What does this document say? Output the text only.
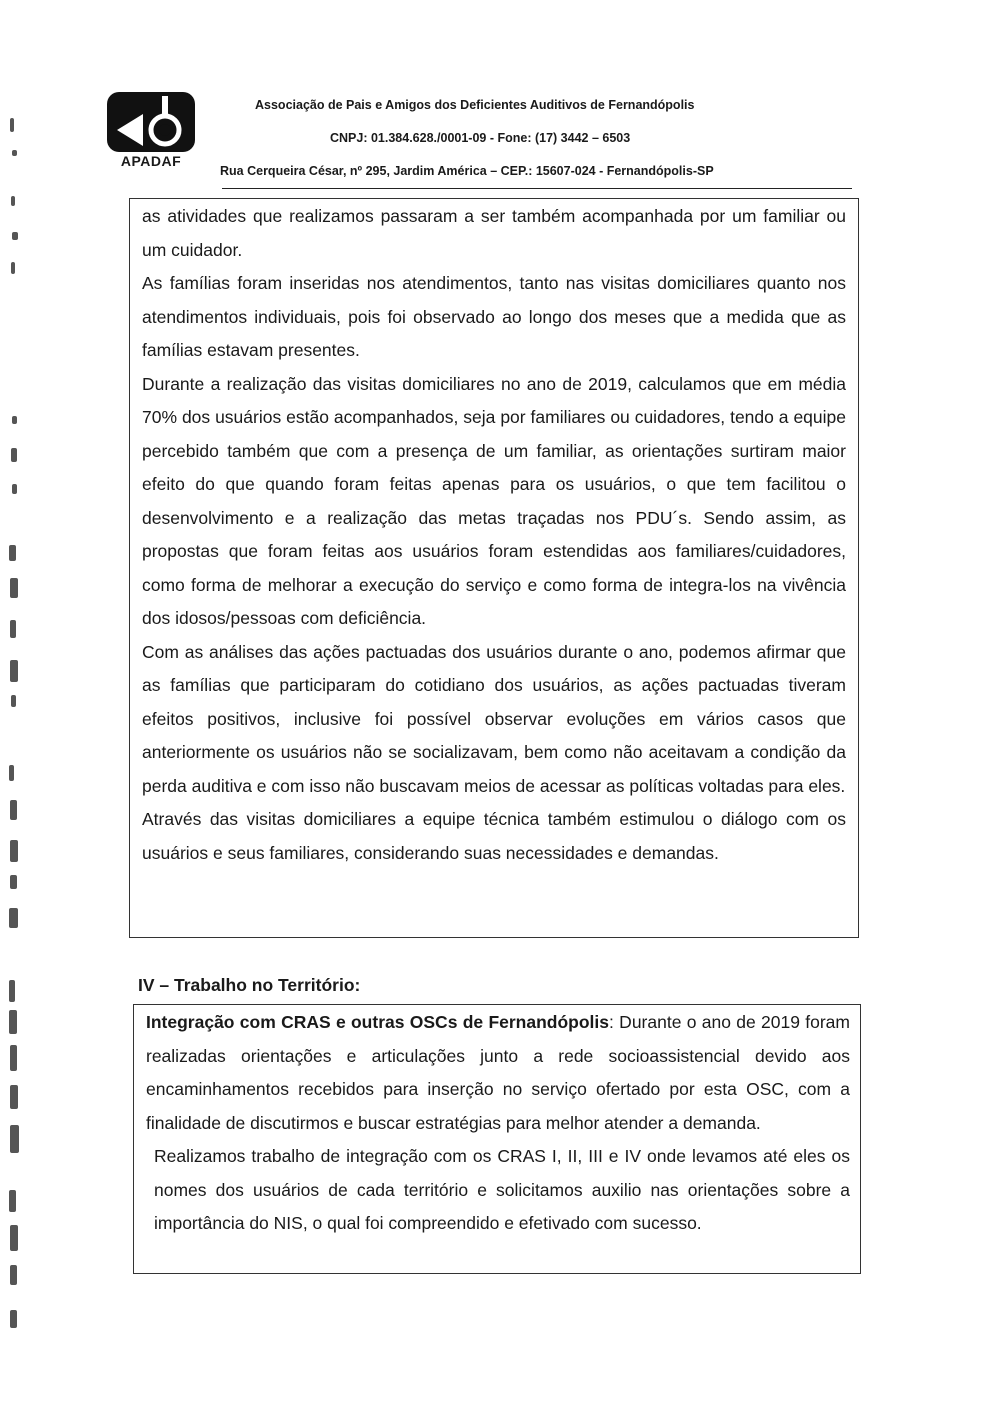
APADAF
Associação de Pais e Amigos dos Deficientes Auditivos de Fernandópolis
CNPJ: 01.384.628./0001-09 - Fone: (17) 3442 – 6503
Rua Cerqueira César, nº 295, Jardim América – CEP.: 15607-024 - Fernandópolis-SP

as atividades que realizamos passaram a ser também acompanhada por um familiar ou um cuidador.

As famílias foram inseridas nos atendimentos, tanto nas visitas domiciliares quanto nos atendimentos individuais, pois foi observado ao longo dos meses que a medida que as famílias estavam presentes.

Durante a realização das visitas domiciliares no ano de 2019, calculamos que em média 70% dos usuários estão acompanhados, seja por familiares ou cuidadores, tendo a equipe percebido também que com a presença de um familiar, as orientações surtiram maior efeito do que quando foram feitas apenas para os usuários, o que tem facilitou o desenvolvimento e a realização das metas traçadas nos PDU´s. Sendo assim, as propostas que foram feitas aos usuários foram estendidas aos familiares/cuidadores, como forma de melhorar a execução do serviço e como forma de integra-los na vivência dos idosos/pessoas com deficiência.

Com as análises das ações pactuadas dos usuários durante o ano, podemos afirmar que as famílias que participaram do cotidiano dos usuários, as ações pactuadas tiveram efeitos positivos, inclusive foi possível observar evoluções em vários casos que anteriormente os usuários não se socializavam, bem como não aceitavam a condição da perda auditiva e com isso não buscavam meios de acessar as políticas voltadas para eles.

Através das visitas domiciliares a equipe técnica também estimulou o diálogo com os usuários e seus familiares, considerando suas necessidades e demandas.

IV – Trabalho no Território:

Integração com CRAS e outras OSCs de Fernandópolis: Durante o ano de 2019 foram realizadas orientações e articulações junto a rede socioassistencial devido aos encaminhamentos recebidos para inserção no serviço ofertado por esta OSC, com a finalidade de discutirmos e buscar estratégias para melhor atender a demanda.

Realizamos trabalho de integração com os CRAS I, II, III e IV onde levamos até eles os nomes dos usuários de cada território e solicitamos auxilio nas orientações sobre a importância do NIS, o qual foi compreendido e efetivado com sucesso.
